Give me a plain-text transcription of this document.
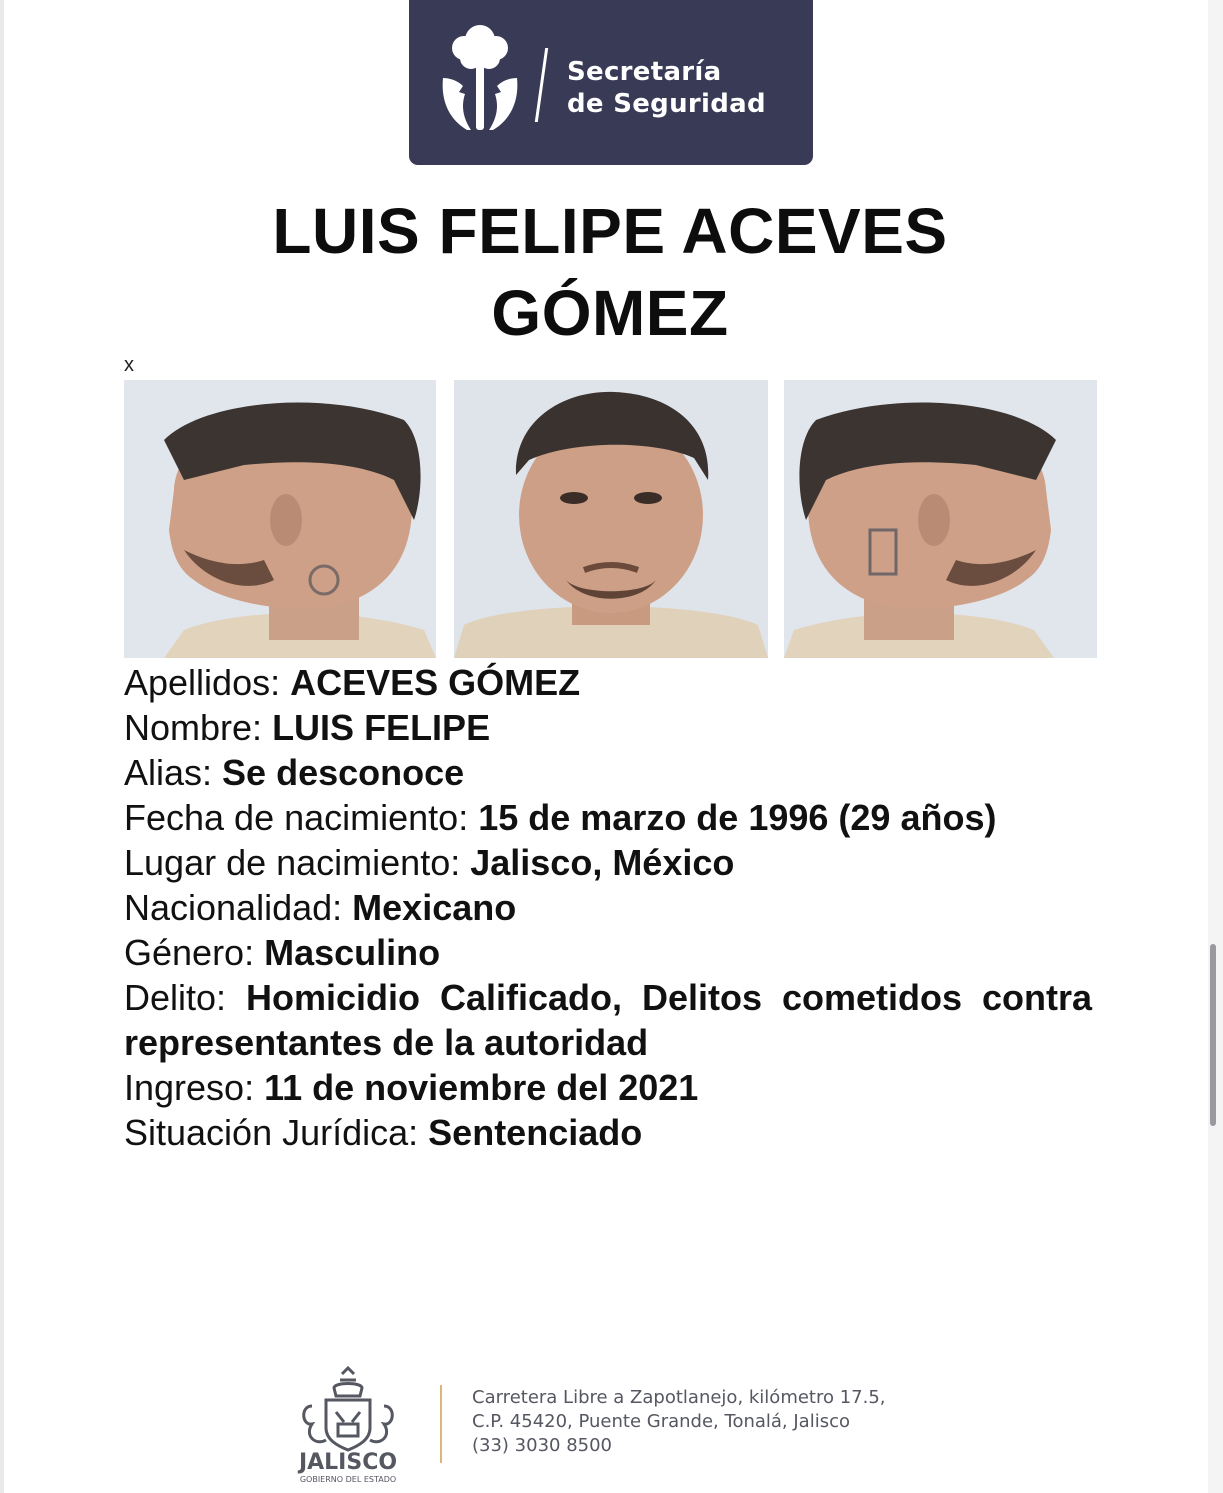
Secretaría
de Seguridad
LUIS FELIPE ACEVES
GÓMEZ
x
Apellidos: ACEVES GÓMEZ
Nombre: LUIS FELIPE
Alias: Se desconoce
Fecha de nacimiento: 15 de marzo de 1996 (29 años)
Lugar de nacimiento: Jalisco, México
Nacionalidad: Mexicano
Género: Masculino
Delito: Homicidio Calificado, Delitos cometidos contra representantes de la autoridad
Ingreso: 11 de noviembre del 2021
Situación Jurídica: Sentenciado
JALISCO
GOBIERNO DEL ESTADO
Carretera Libre a Zapotlanejo, kilómetro 17.5,
C.P. 45420, Puente Grande, Tonalá, Jalisco
(33) 3030 8500
